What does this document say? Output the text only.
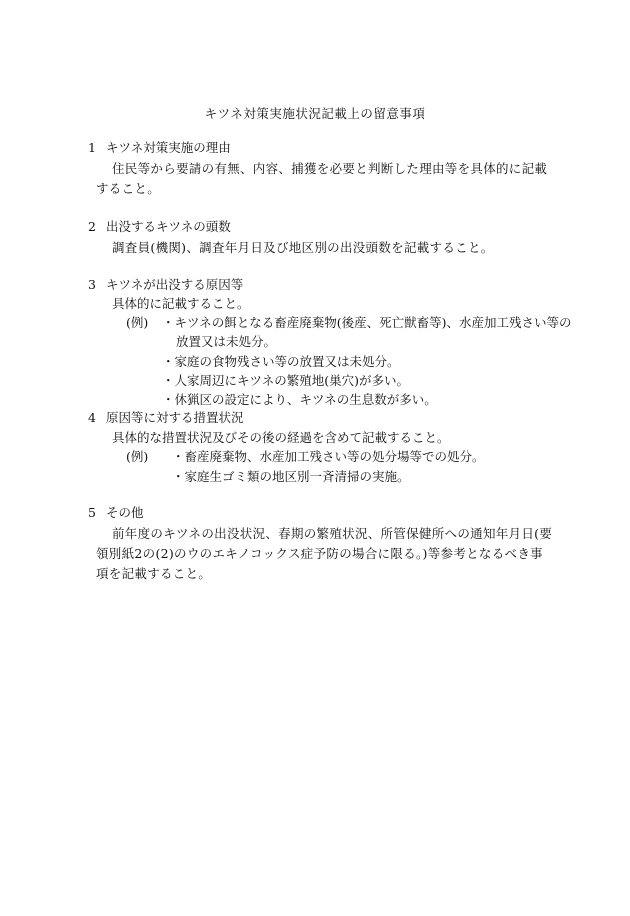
キツネ対策実施状況記載上の留意事項
1 キツネ対策実施の理由
住民等から要請の有無、内容、捕獲を必要と判断した理由等を具体的に記載すること。
2 出没するキツネの頭数
調査員(機関)、調査年月日及び地区別の出没頭数を記載すること。
3 キツネが出没する原因等
具体的に記載すること。
(例) ・キツネの餌となる畜産廃棄物(後産、死亡獣畜等)、水産加工残さい等の
放置又は未処分。
・家庭の食物残さい等の放置又は未処分。
・人家周辺にキツネの繁殖地(巣穴)が多い。
・休猟区の設定により、キツネの生息数が多い。
4 原因等に対する措置状況
具体的な措置状況及びその後の経過を含めて記載すること。
(例) ・畜産廃棄物、水産加工残さい等の処分場等での処分。
・家庭生ゴミ類の地区別一斉清掃の実施。
5 その他
前年度のキツネの出没状況、春期の繁殖状況、所管保健所への通知年月日(要領別紙2の(2)のウのエキノコックス症予防の場合に限る。)等参考となるべき事項を記載すること。
